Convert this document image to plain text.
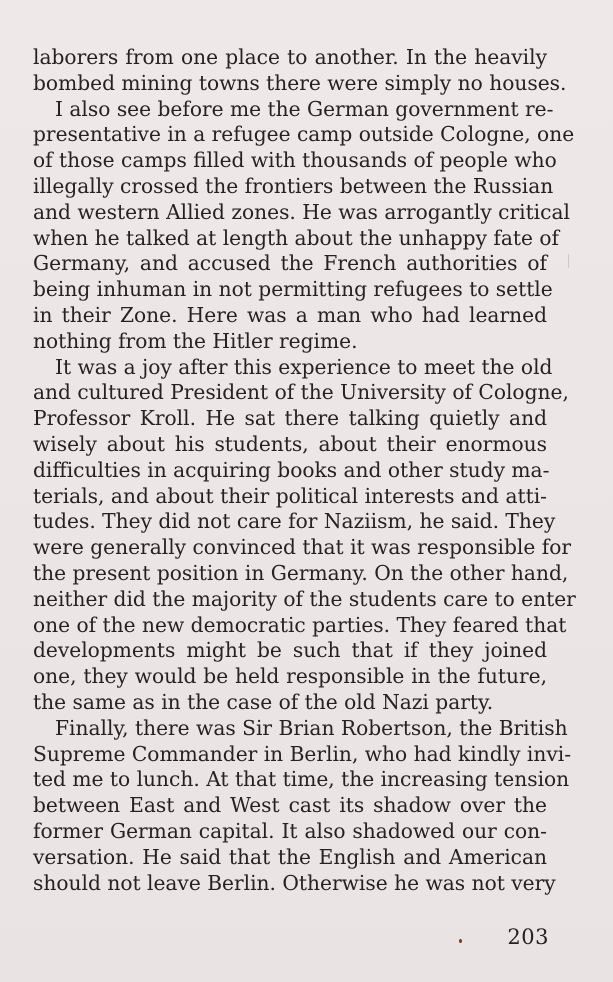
laborers from one place to another. In the heavily
bombed mining towns there were simply no houses.
I also see before me the German government re-
presentative in a refugee camp outside Cologne, one
of those camps filled with thousands of people who
illegally crossed the frontiers between the Russian
and western Allied zones. He was arrogantly critical
when he talked at length about the unhappy fate of
Germany, and accused the French authorities of
being inhuman in not permitting refugees to settle
in their Zone. Here was a man who had learned
nothing from the Hitler regime.
It was a joy after this experience to meet the old
and cultured President of the University of Cologne,
Professor Kroll. He sat there talking quietly and
wisely about his students, about their enormous
difficulties in acquiring books and other study ma-
terials, and about their political interests and atti-
tudes. They did not care for Naziism, he said. They
were generally convinced that it was responsible for
the present position in Germany. On the other hand,
neither did the majority of the students care to enter
one of the new democratic parties. They feared that
developments might be such that if they joined
one, they would be held responsible in the future,
the same as in the case of the old Nazi party.
Finally, there was Sir Brian Robertson, the British
Supreme Commander in Berlin, who had kindly invi-
ted me to lunch. At that time, the increasing tension
between East and West cast its shadow over the
former German capital. It also shadowed our con-
versation. He said that the English and American
should not leave Berlin. Otherwise he was not very
203
